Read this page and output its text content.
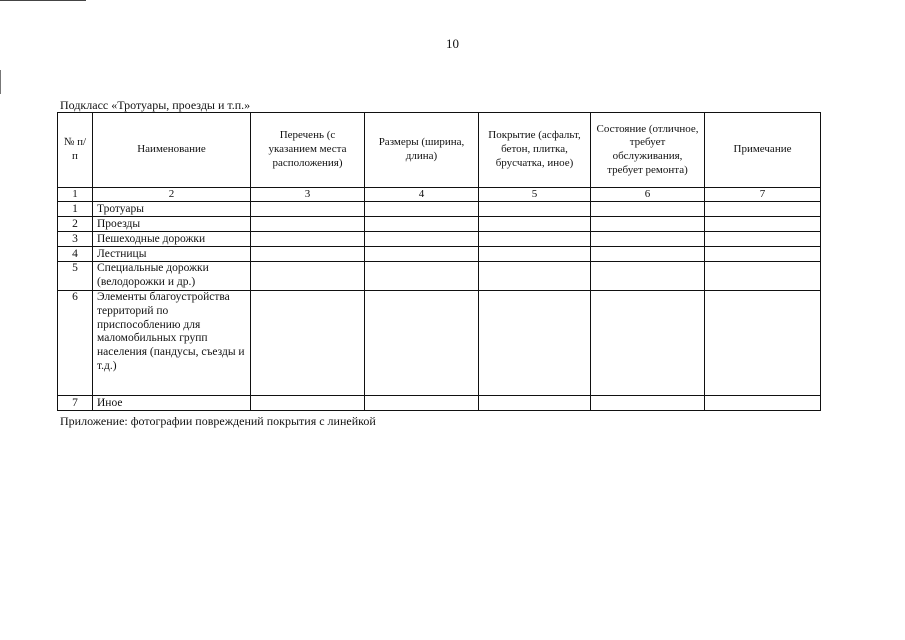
10
Подкласс «Тротуары, проезды и т.п.»
№ п/п	Наименование	Перечень (с указанием места расположения)	Размеры (ширина, длина)	Покрытие (асфальт, бетон, плитка, брусчатка, иное)	Состояние (отличное, требует обслуживания, требует ремонта)	Примечание
1	2	3	4	5	6	7
1	Тротуары					
2	Проезды					
3	Пешеходные дорожки					
4	Лестницы					
5	Специальные дорожки (велодорожки и др.)					
6	Элементы благоустройства территорий по приспособлению для маломобильных групп населения (пандусы, съезды и т.д.)					
7	Иное					
Приложение: фотографии повреждений покрытия с линейкой
